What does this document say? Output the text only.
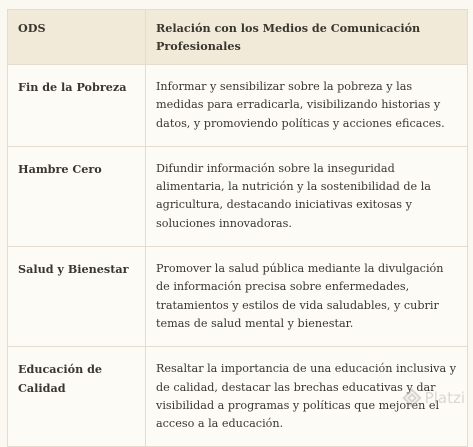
ODS	Relación con los Medios de Comunicación Profesionales
Fin de la Pobreza	Informar y sensibilizar sobre la pobreza y las medidas para erradicarla, visibilizando historias y datos, y promoviendo políticas y acciones eficaces.
Hambre Cero	Difundir información sobre la inseguridad alimentaria, la nutrición y la sostenibilidad de la agricultura, destacando iniciativas exitosas y soluciones innovadoras.
Salud y Bienestar	Promover la salud pública mediante la divulgación de información precisa sobre enfermedades, tratamientos y estilos de vida saludables, y cubrir temas de salud mental y bienestar.
Educación de Calidad	Resaltar la importancia de una educación inclusiva y de calidad, destacar las brechas educativas y dar visibilidad a programas y políticas que mejoren el acceso a la educación.
Platzi
